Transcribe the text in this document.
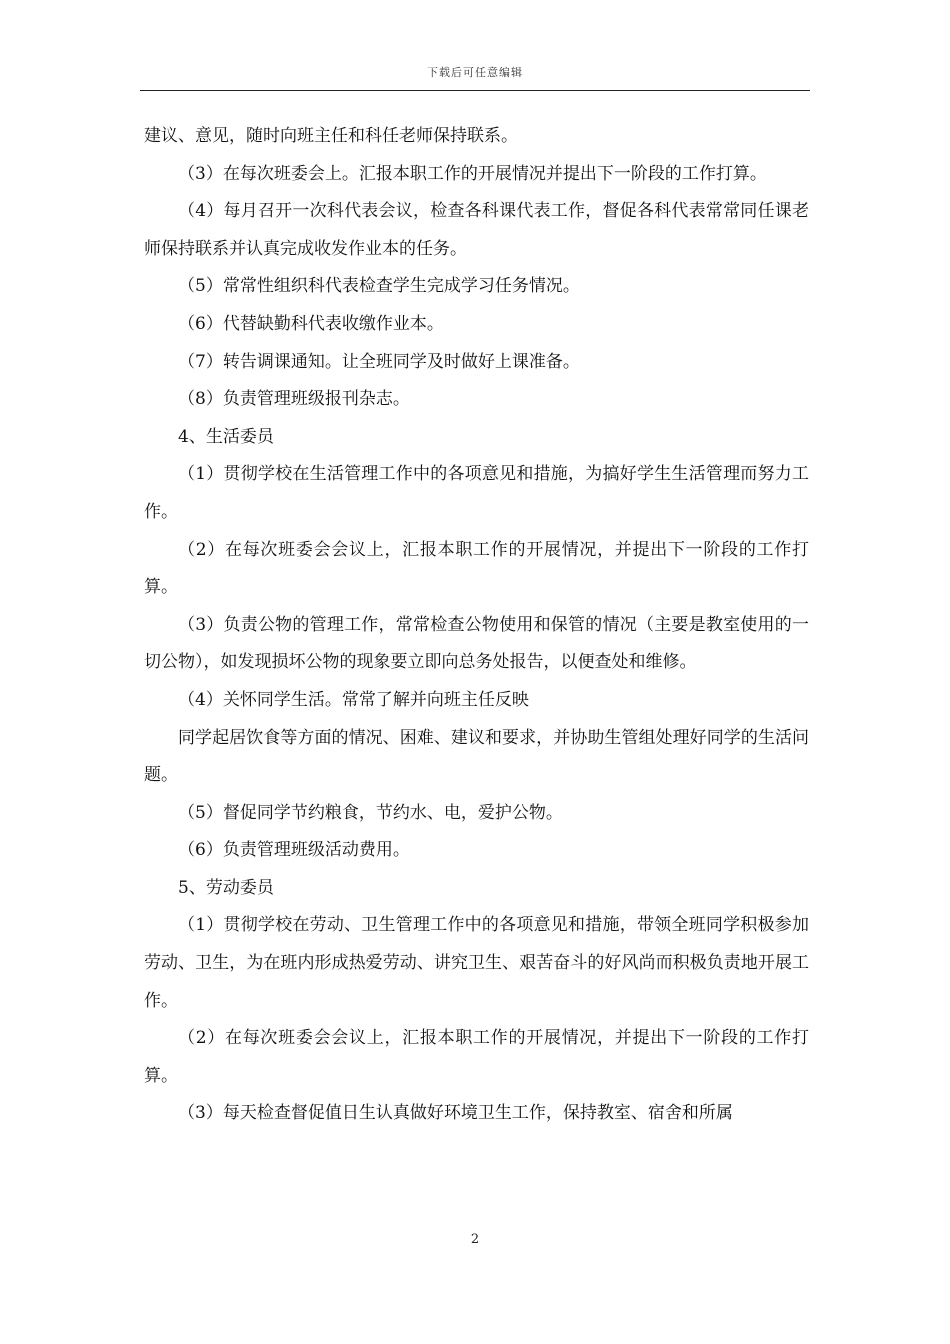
下载后可任意编辑

建议、意见，随时向班主任和科任老师保持联系。

（3）在每次班委会上。汇报本职工作的开展情况并提出下一阶段的工作打算。

（4）每月召开一次科代表会议，检查各科课代表工作，督促各科代表常常同任课老师保持联系并认真完成收发作业本的任务。

（5）常常性组织科代表检查学生完成学习任务情况。

（6）代替缺勤科代表收缴作业本。

（7）转告调课通知。让全班同学及时做好上课准备。

（8）负责管理班级报刊杂志。

4、生活委员

（1）贯彻学校在生活管理工作中的各项意见和措施，为搞好学生生活管理而努力工作。

（2）在每次班委会会议上，汇报本职工作的开展情况，并提出下一阶段的工作打算。

（3）负责公物的管理工作，常常检查公物使用和保管的情况（主要是教室使用的一切公物），如发现损坏公物的现象要立即向总务处报告，以便查处和维修。

（4）关怀同学生活。常常了解并向班主任反映

同学起居饮食等方面的情况、困难、建议和要求，并协助生管组处理好同学的生活问题。

（5）督促同学节约粮食，节约水、电，爱护公物。

（6）负责管理班级活动费用。

5、劳动委员

（1）贯彻学校在劳动、卫生管理工作中的各项意见和措施，带领全班同学积极参加劳动、卫生，为在班内形成热爱劳动、讲究卫生、艰苦奋斗的好风尚而积极负责地开展工作。

（2）在每次班委会会议上，汇报本职工作的开展情况，并提出下一阶段的工作打算。

（3）每天检查督促值日生认真做好环境卫生工作，保持教室、宿舍和所属

2
